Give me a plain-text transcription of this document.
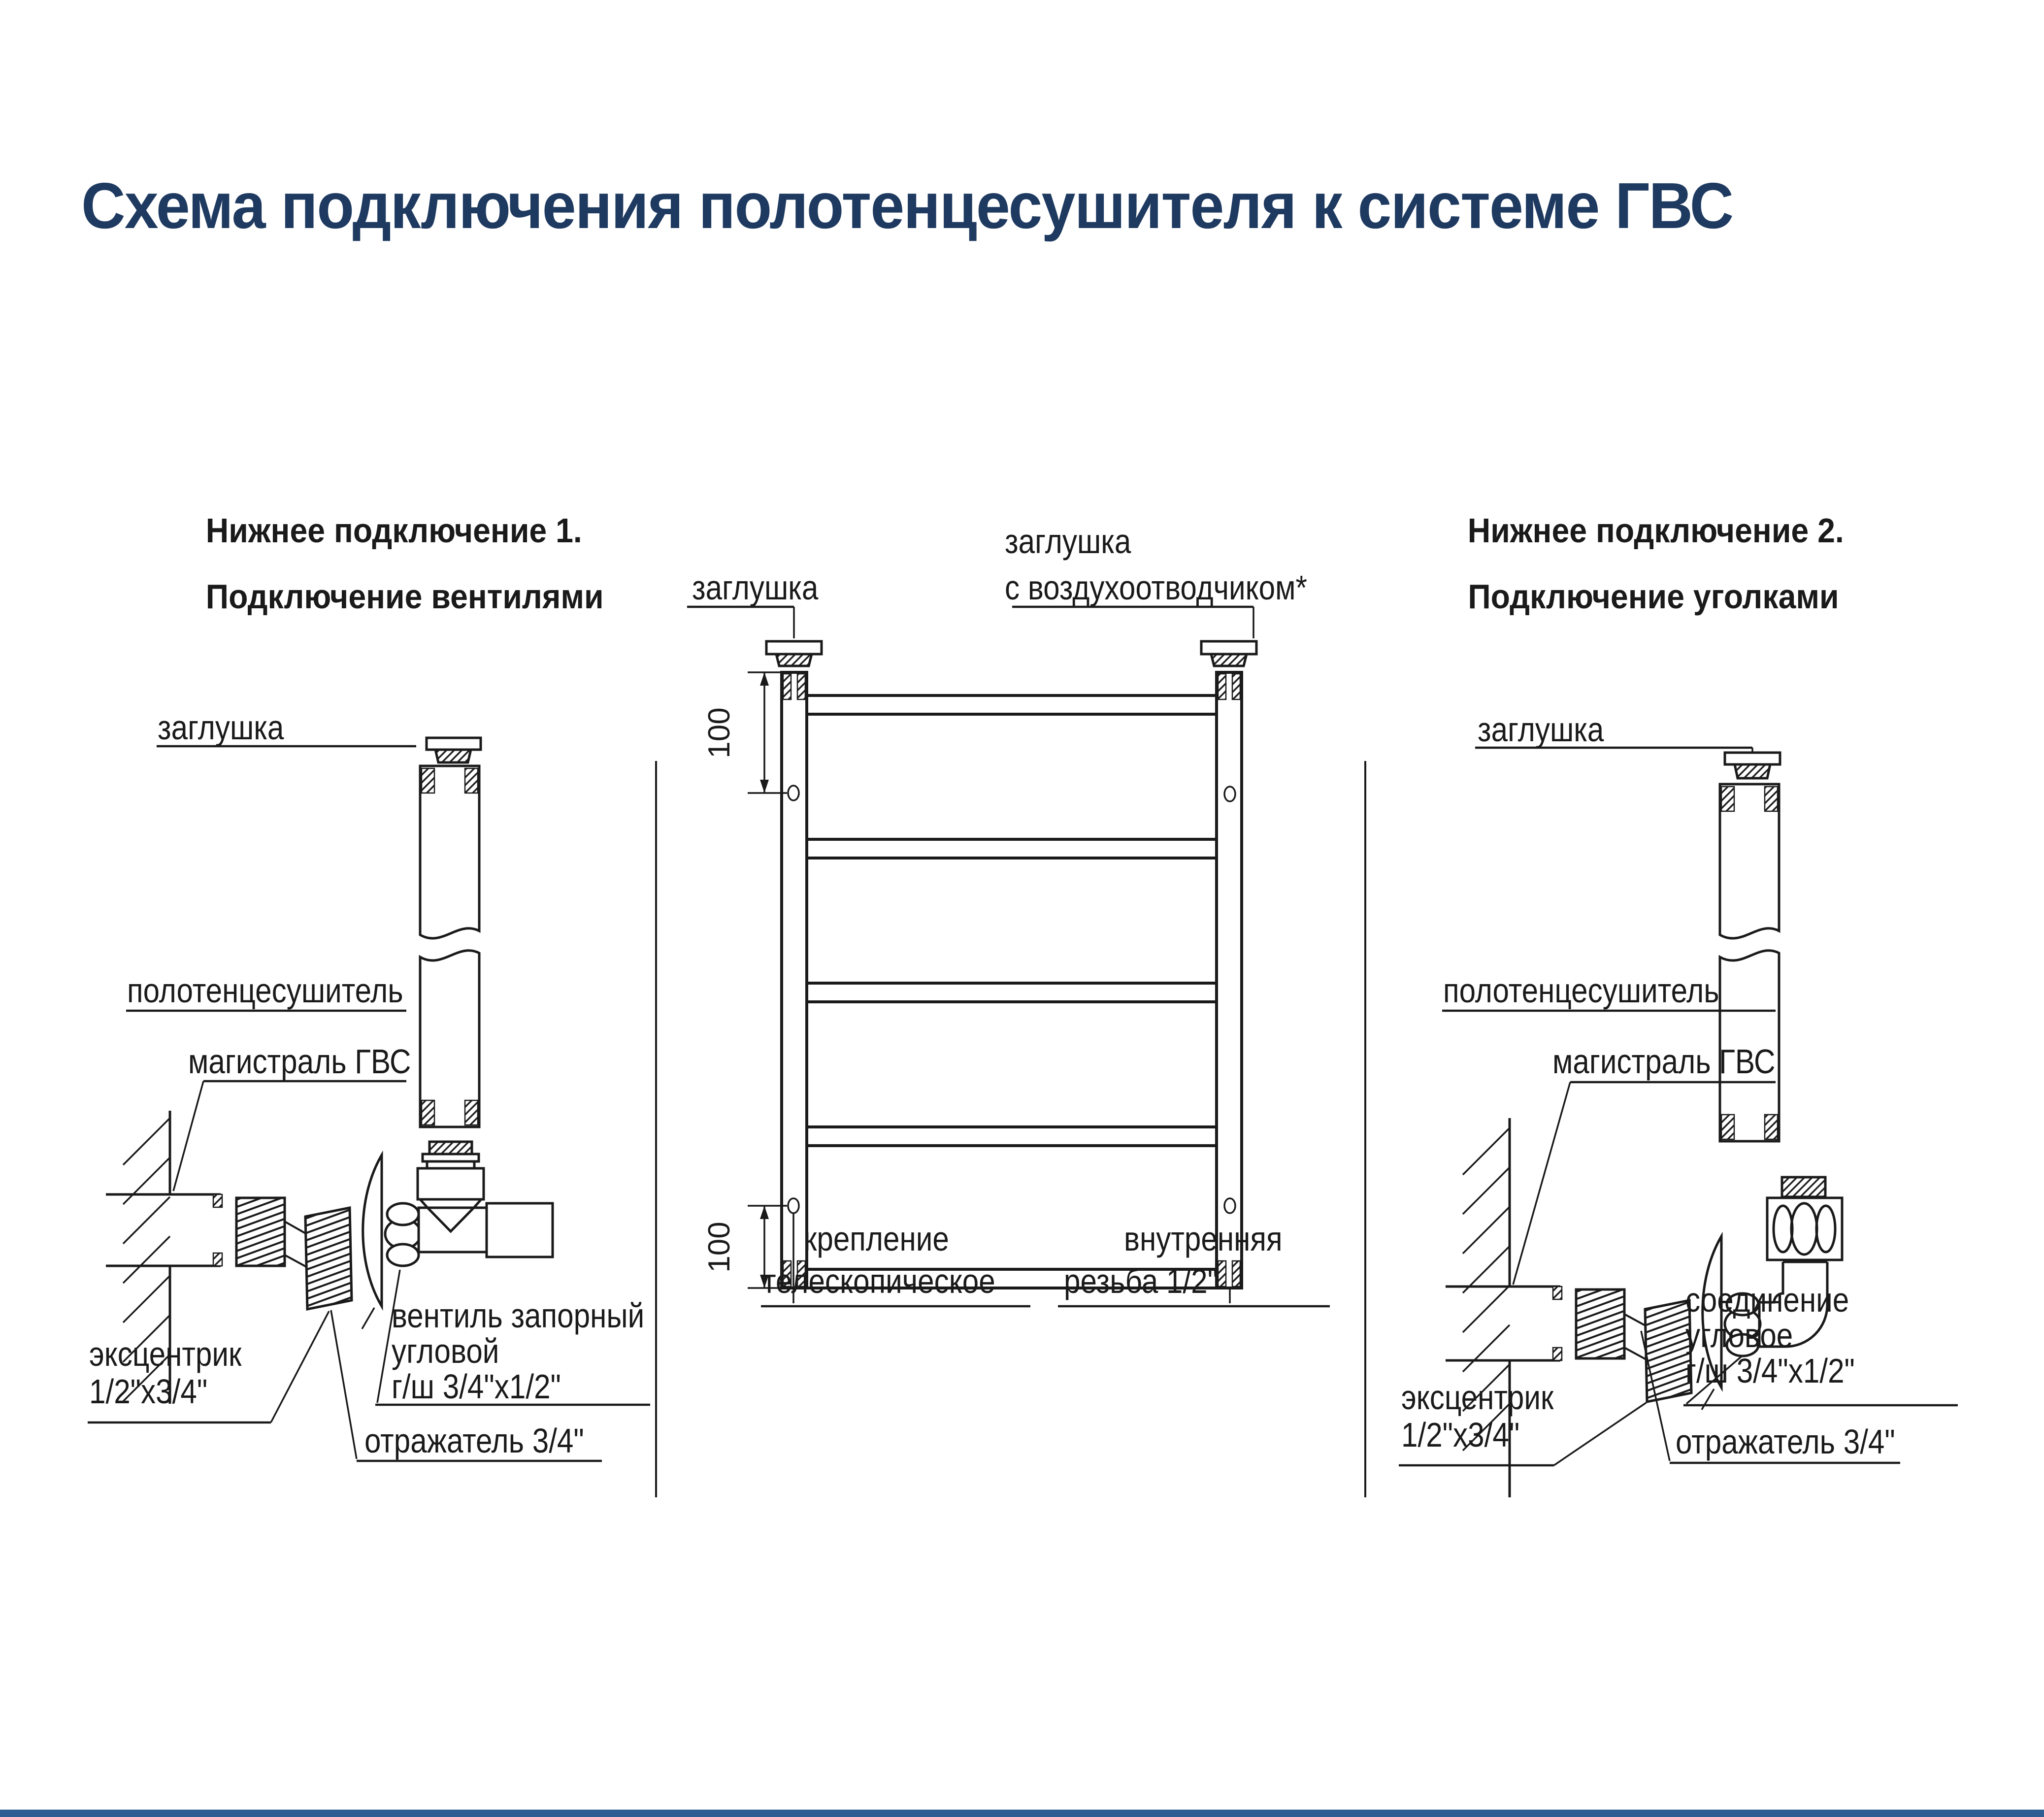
Схема подключения полотенцесушителя к системе ГВС
Нижнее подключение 1.
Подключение вентилями
Нижнее подключение 2.
Подключение уголками
заглушка
полотенцесушитель
магистраль ГВС
эксцентрик
1/2"x3/4"
вентиль запорный
угловой
г/ш 3/4"x1/2"
отражатель 3/4"
заглушка
заглушка
с воздухоотводчиком*
100
100 крепление
телескопическое
внутренняя
резьба 1/2"
заглушка
полотенцесушитель
магистраль ГВС
эксцентрик
1/2"x3/4"
соединение
угловое
г/ш 3/4"x1/2"
отражатель 3/4"
